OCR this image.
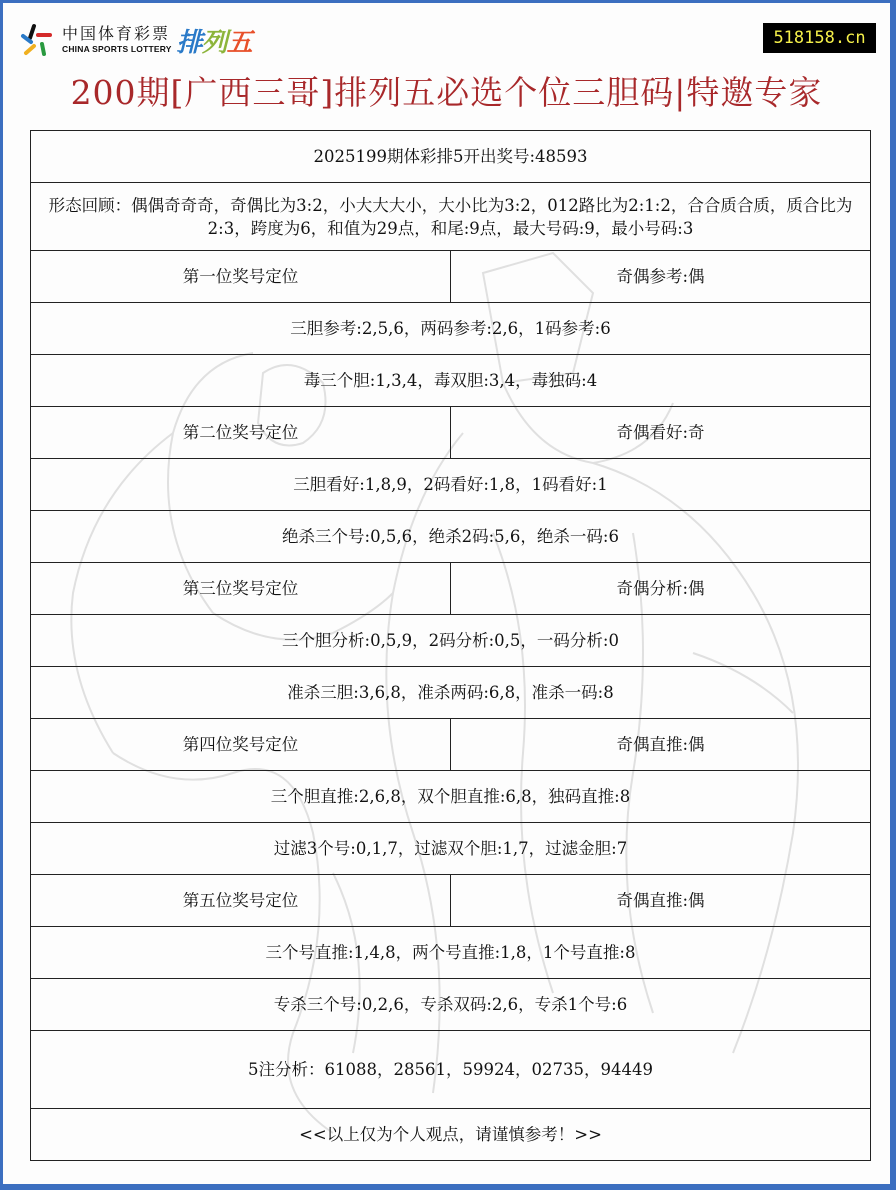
中国体育彩票
CHINA SPORTS LOTTERY 排列五	518158.cn
200期[广西三哥]排列五必选个位三胆码|特邀专家
2025199期体彩排5开出奖号:48593	
形态回顾：偶偶奇奇奇，奇偶比为3:2，小大大大小，大小比为3:2，012路比为2:1:2，合合质合质，质合比为2:3，跨度为6，和值为29点，和尾:9点，最大号码:9，最小号码:3	
第一位奖号定位	奇偶参考:偶
三胆参考:2,5,6，两码参考:2,6，1码参考:6	
毒三个胆:1,3,4，毒双胆:3,4，毒独码:4	
第二位奖号定位	奇偶看好:奇
三胆看好:1,8,9，2码看好:1,8，1码看好:1	
绝杀三个号:0,5,6，绝杀2码:5,6，绝杀一码:6	
第三位奖号定位	奇偶分析:偶
三个胆分析:0,5,9，2码分析:0,5，一码分析:0	
准杀三胆:3,6,8，准杀两码:6,8，准杀一码:8	
第四位奖号定位	奇偶直推:偶
三个胆直推:2,6,8，双个胆直推:6,8，独码直推:8	
过滤3个号:0,1,7，过滤双个胆:1,7，过滤金胆:7	
第五位奖号定位	奇偶直推:偶
三个号直推:1,4,8，两个号直推:1,8，1个号直推:8	
专杀三个号:0,2,6，专杀双码:2,6，专杀1个号:6	
5注分析：61088，28561，59924，02735，94449	
<<以上仅为个人观点，请谨慎参考！>>	
